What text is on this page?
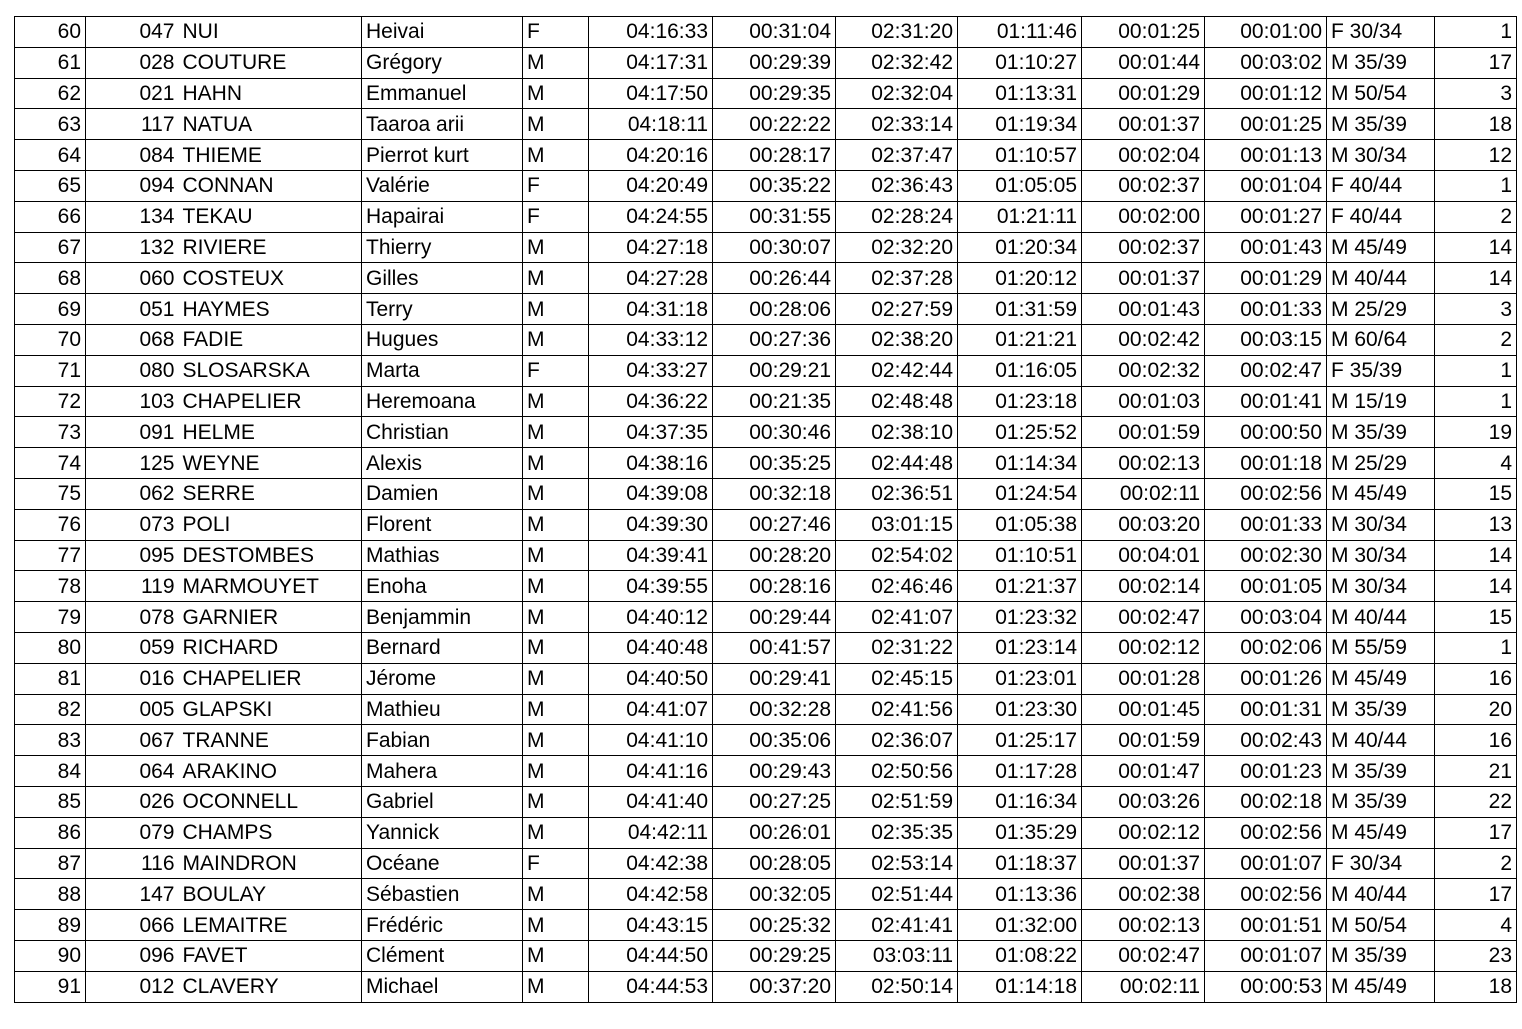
60	047	NUI	Heivai	F	04:16:33	00:31:04	02:31:20	01:11:46	00:01:25	00:01:00	F 30/34	1
61	028	COUTURE	Grégory	M	04:17:31	00:29:39	02:32:42	01:10:27	00:01:44	00:03:02	M 35/39	17
62	021	HAHN	Emmanuel	M	04:17:50	00:29:35	02:32:04	01:13:31	00:01:29	00:01:12	M 50/54	3
63	117	NATUA	Taaroa arii	M	04:18:11	00:22:22	02:33:14	01:19:34	00:01:37	00:01:25	M 35/39	18
64	084	THIEME	Pierrot kurt	M	04:20:16	00:28:17	02:37:47	01:10:57	00:02:04	00:01:13	M 30/34	12
65	094	CONNAN	Valérie	F	04:20:49	00:35:22	02:36:43	01:05:05	00:02:37	00:01:04	F 40/44	1
66	134	TEKAU	Hapairai	F	04:24:55	00:31:55	02:28:24	01:21:11	00:02:00	00:01:27	F 40/44	2
67	132	RIVIERE	Thierry	M	04:27:18	00:30:07	02:32:20	01:20:34	00:02:37	00:01:43	M 45/49	14
68	060	COSTEUX	Gilles	M	04:27:28	00:26:44	02:37:28	01:20:12	00:01:37	00:01:29	M 40/44	14
69	051	HAYMES	Terry	M	04:31:18	00:28:06	02:27:59	01:31:59	00:01:43	00:01:33	M 25/29	3
70	068	FADIE	Hugues	M	04:33:12	00:27:36	02:38:20	01:21:21	00:02:42	00:03:15	M 60/64	2
71	080	SLOSARSKA	Marta	F	04:33:27	00:29:21	02:42:44	01:16:05	00:02:32	00:02:47	F 35/39	1
72	103	CHAPELIER	Heremoana	M	04:36:22	00:21:35	02:48:48	01:23:18	00:01:03	00:01:41	M 15/19	1
73	091	HELME	Christian	M	04:37:35	00:30:46	02:38:10	01:25:52	00:01:59	00:00:50	M 35/39	19
74	125	WEYNE	Alexis	M	04:38:16	00:35:25	02:44:48	01:14:34	00:02:13	00:01:18	M 25/29	4
75	062	SERRE	Damien	M	04:39:08	00:32:18	02:36:51	01:24:54	00:02:11	00:02:56	M 45/49	15
76	073	POLI	Florent	M	04:39:30	00:27:46	03:01:15	01:05:38	00:03:20	00:01:33	M 30/34	13
77	095	DESTOMBES	Mathias	M	04:39:41	00:28:20	02:54:02	01:10:51	00:04:01	00:02:30	M 30/34	14
78	119	MARMOUYET	Enoha	M	04:39:55	00:28:16	02:46:46	01:21:37	00:02:14	00:01:05	M 30/34	14
79	078	GARNIER	Benjammin	M	04:40:12	00:29:44	02:41:07	01:23:32	00:02:47	00:03:04	M 40/44	15
80	059	RICHARD	Bernard	M	04:40:48	00:41:57	02:31:22	01:23:14	00:02:12	00:02:06	M 55/59	1
81	016	CHAPELIER	Jérome	M	04:40:50	00:29:41	02:45:15	01:23:01	00:01:28	00:01:26	M 45/49	16
82	005	GLAPSKI	Mathieu	M	04:41:07	00:32:28	02:41:56	01:23:30	00:01:45	00:01:31	M 35/39	20
83	067	TRANNE	Fabian	M	04:41:10	00:35:06	02:36:07	01:25:17	00:01:59	00:02:43	M 40/44	16
84	064	ARAKINO	Mahera	M	04:41:16	00:29:43	02:50:56	01:17:28	00:01:47	00:01:23	M 35/39	21
85	026	OCONNELL	Gabriel	M	04:41:40	00:27:25	02:51:59	01:16:34	00:03:26	00:02:18	M 35/39	22
86	079	CHAMPS	Yannick	M	04:42:11	00:26:01	02:35:35	01:35:29	00:02:12	00:02:56	M 45/49	17
87	116	MAINDRON	Océane	F	04:42:38	00:28:05	02:53:14	01:18:37	00:01:37	00:01:07	F 30/34	2
88	147	BOULAY	Sébastien	M	04:42:58	00:32:05	02:51:44	01:13:36	00:02:38	00:02:56	M 40/44	17
89	066	LEMAITRE	Frédéric	M	04:43:15	00:25:32	02:41:41	01:32:00	00:02:13	00:01:51	M 50/54	4
90	096	FAVET	Clément	M	04:44:50	00:29:25	03:03:11	01:08:22	00:02:47	00:01:07	M 35/39	23
91	012	CLAVERY	Michael	M	04:44:53	00:37:20	02:50:14	01:14:18	00:02:11	00:00:53	M 45/49	18
